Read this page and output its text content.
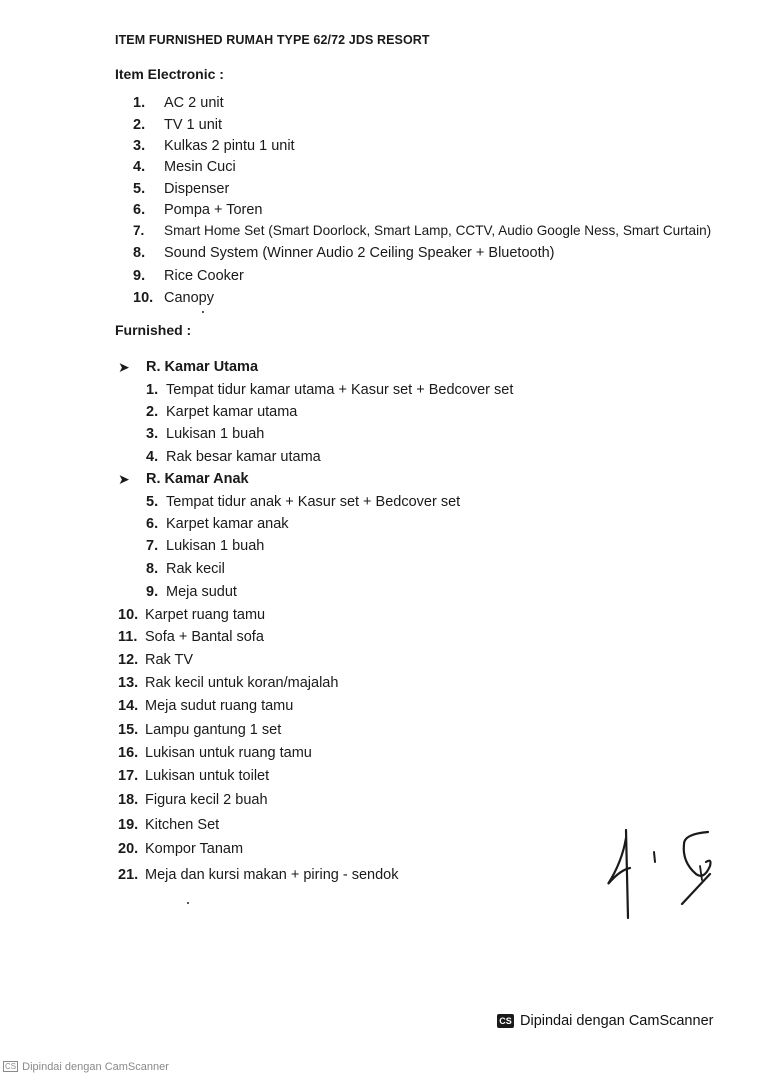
ITEM FURNISHED RUMAH TYPE 62/72 JDS RESORT
Item Electronic :
1. AC 2 unit
2. TV 1 unit
3. Kulkas 2 pintu 1 unit
4. Mesin Cuci
5. Dispenser
6. Pompa + Toren
7. Smart Home Set (Smart Doorlock, Smart Lamp, CCTV, Audio Google Ness, Smart Curtain)
8. Sound System (Winner Audio 2 Ceiling Speaker + Bluetooth)
9. Rice Cooker
10. Canopy
Furnished :
➤ R. Kamar Utama
1. Tempat tidur kamar utama + Kasur set + Bedcover set
2. Karpet kamar utama
3. Lukisan 1 buah
4. Rak besar kamar utama
➤ R. Kamar Anak
5. Tempat tidur anak + Kasur set + Bedcover set
6. Karpet kamar anak
7. Lukisan 1 buah
8. Rak kecil
9. Meja sudut
10. Karpet ruang tamu
11. Sofa + Bantal sofa
12. Rak TV
13. Rak kecil untuk koran/majalah
14. Meja sudut ruang tamu
15. Lampu gantung 1 set
16. Lukisan untuk ruang tamu
17. Lukisan untuk toilet
18. Figura kecil 2 buah
19. Kitchen Set
20. Kompor Tanam
21. Meja dan kursi makan + piring - sendok
CS Dipindai dengan CamScanner
CS Dipindai dengan CamScanner
